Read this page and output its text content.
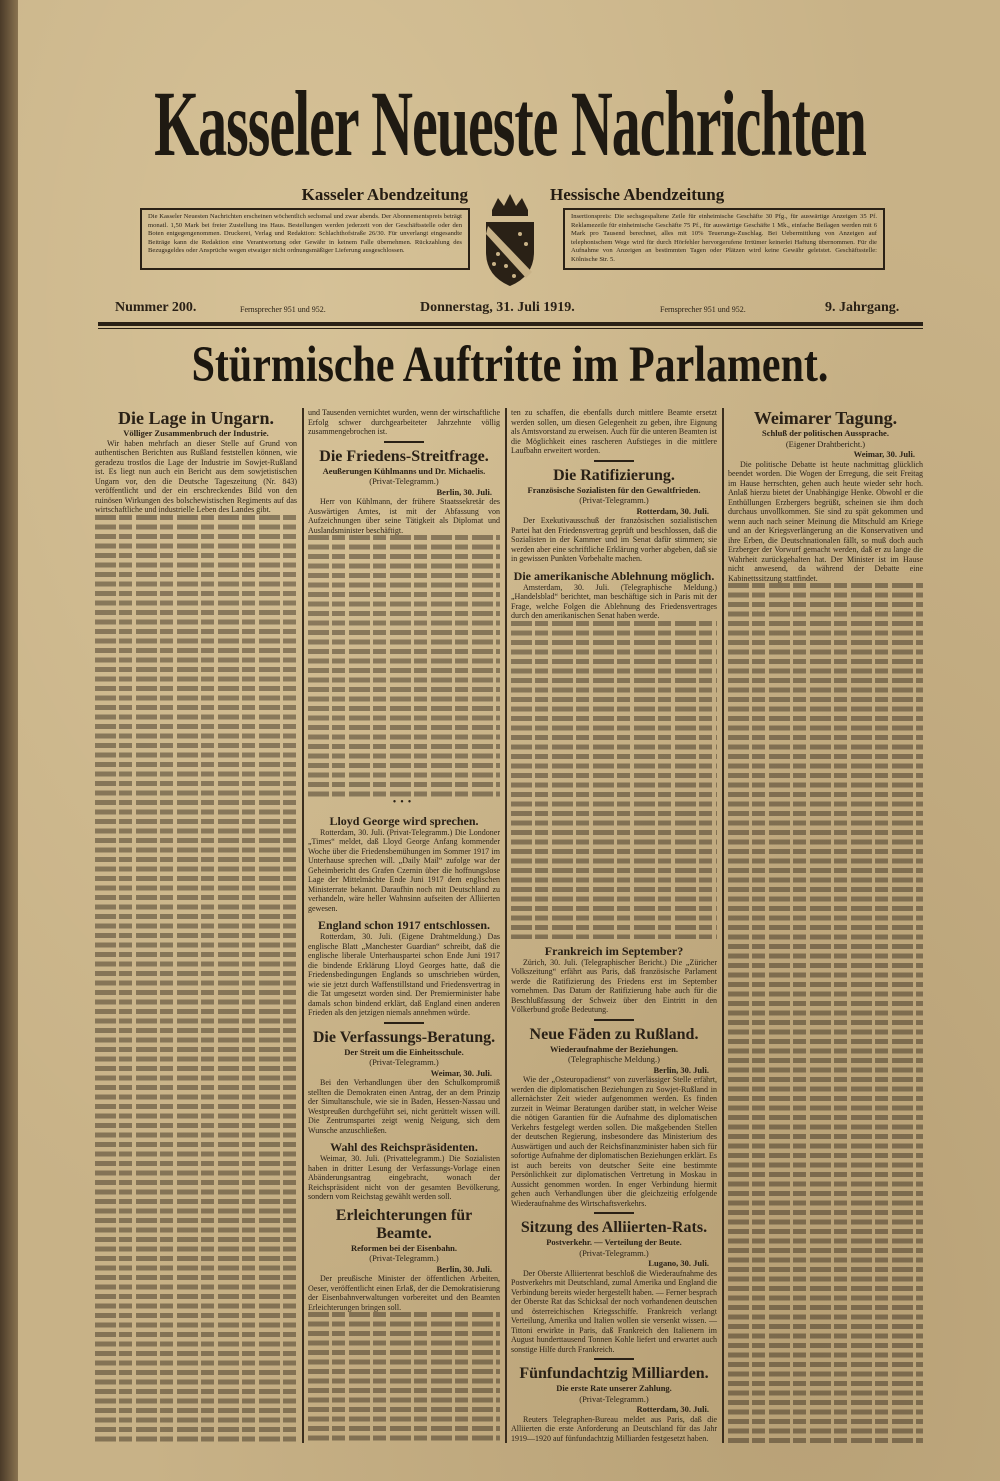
Kasseler Neueste Nachrichten
Kasseler Abendzeitung	Hessische Abendzeitung
Die Kasseler Neuesten Nachrichten erscheinen wöchentlich sechsmal und zwar abends. Der Abonnementspreis beträgt monatl. 1,50 Mark bei freier Zustellung ins Haus. Bestellungen werden jederzeit von der Geschäftsstelle oder den Boten entgegengenommen. Druckerei, Verlag und Redaktion: Schlachthofstraße 26/30. Für unverlangt eingesandte Beiträge kann die Redaktion eine Verantwortung oder Gewähr in keinem Falle übernehmen. Rückzahlung des Bezugsgeldes oder Ansprüche wegen etwaiger nicht ordnungsmäßiger Lieferung ausgeschlossen.
Insertionspreis: Die sechsgespaltene Zeile für einheimische Geschäfte 30 Pfg., für auswärtige Anzeigen 35 Pf. Reklamezeile für einheimische Geschäfte 75 Pf., für auswärtige Geschäfte 1 Mk., einfache Beilagen werden mit 6 Mark pro Tausend berechnet, alles mit 10% Teuerungs-Zuschlag. Bei Uebermittlung von Anzeigen auf telephonischem Wege wird für durch Hörfehler hervorgerufene Irrtümer keinerlei Haftung übernommen. Für die Aufnahme von Anzeigen an bestimmten Tagen oder Plätzen wird keine Gewähr geleistet. Geschäftsstelle: Kölnische Str. 5.
Nummer 200.	Fernsprecher 951 und 952.	Donnerstag, 31. Juli 1919.	Fernsprecher 951 und 952.	9. Jahrgang.
Stürmische Auftritte im Parlament.
Die Lage in Ungarn.
Völliger Zusammenbruch der Industrie.
Wir haben mehrfach an dieser Stelle auf Grund von authentischen Berichten aus Rußland feststellen können, wie geradezu trostlos die Lage der Industrie im Sowjet-Rußland ist. Es liegt nun auch ein Bericht aus dem sowjetistischen Ungarn vor, den die Deutsche Tageszeitung (Nr. 843) veröffentlicht und der ein erschreckendes Bild von den ruinösen Wirkungen des bolschewistischen Regiments auf das wirtschaftliche und industrielle Leben des Landes gibt.
und Tausenden vernichtet wurden, wenn der wirtschaftliche Erfolg schwer durchgearbeiteter Jahrzehnte völlig zusammengebrochen ist.
Die Friedens-Streitfrage.
Aeußerungen Kühlmanns und Dr. Michaelis.
(Privat-Telegramm.)
Berlin, 30. Juli.
Herr von Kühlmann, der frühere Staatssekretär des Auswärtigen Amtes, ist mit der Abfassung von Aufzeichnungen über seine Tätigkeit als Diplomat und Auslandsminister beschäftigt.
•••
Lloyd George wird sprechen.
Rotterdam, 30. Juli. (Privat-Telegramm.) Die Londoner „Times“ meldet, daß Lloyd George Anfang kommender Woche über die Friedensbemühungen im Sommer 1917 im Unterhause sprechen will. „Daily Mail“ zufolge war der Geheimbericht des Grafen Czernin über die hoffnungslose Lage der Mittelmächte Ende Juni 1917 dem englischen Ministerrate bekannt. Daraufhin noch mit Deutschland zu verhandeln, wäre heller Wahnsinn aufseiten der Alliierten gewesen.
England schon 1917 entschlossen.
Rotterdam, 30. Juli. (Eigene Drahtmeldung.) Das englische Blatt „Manchester Guardian“ schreibt, daß die englische liberale Unterhauspartei schon Ende Juni 1917 die bindende Erklärung Lloyd Georges hatte, daß die Friedensbedingungen Englands so umschrieben würden, wie sie jetzt durch Waffenstillstand und Friedensvertrag in die Tat umgesetzt worden sind. Der Premierminister habe damals schon bindend erklärt, daß England einen anderen Frieden als den jetzigen niemals annehmen würde.
Die Verfassungs-Beratung.
Der Streit um die Einheitsschule.
(Privat-Telegramm.)
Weimar, 30. Juli.
Bei den Verhandlungen über den Schulkompromiß stellten die Demokraten einen Antrag, der an dem Prinzip der Simultanschule, wie sie in Baden, Hessen-Nassau und Westpreußen durchgeführt sei, nicht gerüttelt wissen will. Die Zentrumspartei zeigt wenig Neigung, sich dem Wunsche anzuschließen.
Wahl des Reichspräsidenten.
Weimar, 30. Juli. (Privattelegramm.) Die Sozialisten haben in dritter Lesung der Verfassungs-Vorlage einen Abänderungsantrag eingebracht, wonach der Reichspräsident nicht von der gesamten Bevölkerung, sondern vom Reichstag gewählt werden soll.
Erleichterungen für Beamte.
Reformen bei der Eisenbahn.
(Privat-Telegramm.)
Berlin, 30. Juli.
Der preußische Minister der öffentlichen Arbeiten, Oeser, veröffentlicht einen Erlaß, der die Demokratisierung der Eisenbahnverwaltungen vorbereitet und den Beamten Erleichterungen bringen soll.
ten zu schaffen, die ebenfalls durch mittlere Beamte ersetzt werden sollen, um diesen Gelegenheit zu geben, ihre Eignung als Amtsvorstand zu erweisen. Auch für die unteren Beamten ist die Möglichkeit eines rascheren Aufstieges in die mittlere Laufbahn erweitert worden.
Die Ratifizierung.
Französische Sozialisten für den Gewaltfrieden.
(Privat-Telegramm.)
Rotterdam, 30. Juli.
Der Exekutivausschuß der französischen sozialistischen Partei hat den Friedensvertrag geprüft und beschlossen, daß die Sozialisten in der Kammer und im Senat dafür stimmen; sie werden aber eine schriftliche Erklärung vorher abgeben, daß sie in gewissen Punkten Vorbehalte machen.
Die amerikanische Ablehnung möglich.
Amsterdam, 30. Juli. (Telegraphische Meldung.) „Handelsblad“ berichtet, man beschäftige sich in Paris mit der Frage, welche Folgen die Ablehnung des Friedensvertrages durch den amerikanischen Senat haben werde.
Frankreich im September?
Zürich, 30. Juli. (Telegraphischer Bericht.) Die „Züricher Volkszeitung“ erfährt aus Paris, daß französische Parlament werde die Ratifizierung des Friedens erst im September vornehmen. Das Datum der Ratifizierung habe auch für die Beschlußfassung der Schweiz über den Eintritt in den Völkerbund große Bedeutung.
Neue Fäden zu Rußland.
Wiederaufnahme der Beziehungen.
(Telegraphische Meldung.)
Berlin, 30. Juli.
Wie der „Osteuropadienst“ von zuverlässiger Stelle erfährt, werden die diplomatischen Beziehungen zu Sowjet-Rußland in allernächster Zeit wieder aufgenommen werden. Es finden zurzeit in Weimar Beratungen darüber statt, in welcher Weise die nötigen Garantien für die Aufnahme des diplomatischen Verkehrs festgelegt werden sollen. Die maßgebenden Stellen der deutschen Regierung, insbesondere das Ministerium des Auswärtigen und auch der Reichsfinanzminister haben sich für sofortige Aufnahme der diplomatischen Beziehungen erklärt. Es ist auch bereits von deutscher Seite eine bestimmte Persönlichkeit zur diplomatischen Vertretung in Moskau in Aussicht genommen worden. In enger Verbindung hiermit gehen auch Verhandlungen über die gleichzeitig erfolgende Wiederaufnahme des Wirtschaftsverkehrs.
Sitzung des Alliierten-Rats.
Postverkehr. — Verteilung der Beute.
(Privat-Telegramm.)
Lugano, 30. Juli.
Der Oberste Alliiertenrat beschloß die Wiederaufnahme des Postverkehrs mit Deutschland, zumal Amerika und England die Verbindung bereits wieder hergestellt haben. — Ferner besprach der Oberste Rat das Schicksal der noch vorhandenen deutschen und österreichischen Kriegsschiffe. Frankreich verlangt Verteilung, Amerika und Italien wollen sie versenkt wissen. — Tittoni erwirkte in Paris, daß Frankreich den Italienern im August hunderttausend Tonnen Kohle liefert und erwartet auch sonstige Hilfe durch Frankreich.
Fünfundachtzig Milliarden.
Die erste Rate unserer Zahlung.
(Privat-Telegramm.)
Rotterdam, 30. Juli.
Reuters Telegraphen-Bureau meldet aus Paris, daß die Alliierten die erste Anforderung an Deutschland für das Jahr 1919—1920 auf fünfundachtzig Milliarden festgesetzt haben.
Weimarer Tagung.
Schluß der politischen Aussprache.
(Eigener Drahtbericht.)
Weimar, 30. Juli.
Die politische Debatte ist heute nachmittag glücklich beendet worden. Die Wogen der Erregung, die seit Freitag im Hause herrschten, gehen auch heute wieder sehr hoch. Anlaß hierzu bietet der Unabhängige Henke. Obwohl er die Enthüllungen Erzbergers begrüßt, scheinen sie ihm doch durchaus unvollkommen. Sie sind zu spät gekommen und wenn auch nach seiner Meinung die Mitschuld am Kriege und an der Kriegsverlängerung an die Konservativen und ihre Erben, die Deutschnationalen fällt, so muß doch auch Erzberger der Vorwurf gemacht werden, daß er zu lange die Wahrheit zurückgehalten hat. Der Minister ist im Hause nicht anwesend, da während der Debatte eine Kabinettssitzung stattfindet.
